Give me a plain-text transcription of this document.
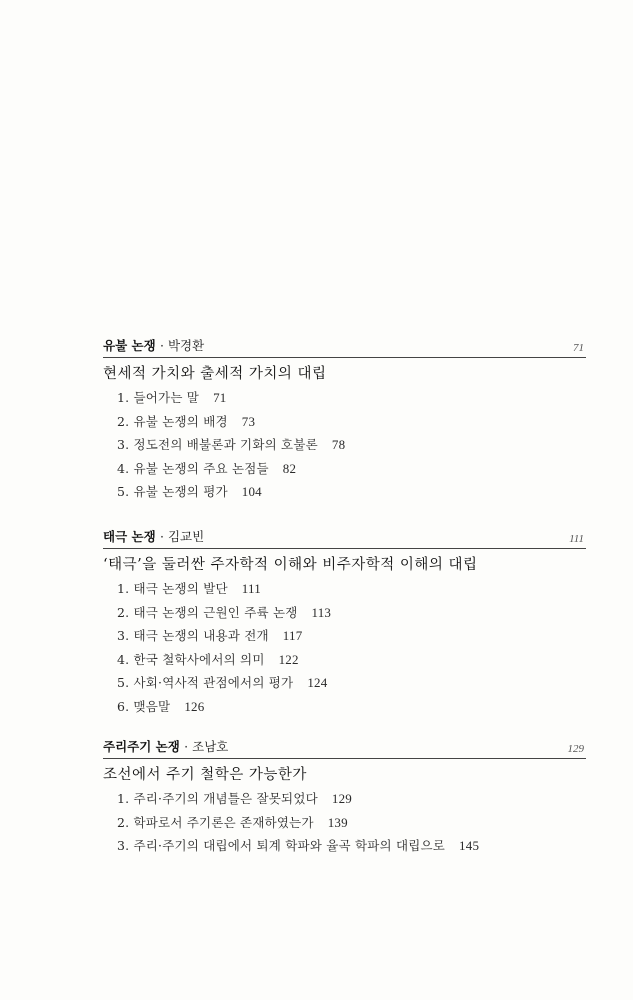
유불 논쟁 · 박경환	71
현세적 가치와 출세적 가치의 대립
1. 들어가는 말 71
2. 유불 논쟁의 배경 73
3. 정도전의 배불론과 기화의 호불론 78
4. 유불 논쟁의 주요 논점들 82
5. 유불 논쟁의 평가 104
태극 논쟁 · 김교빈	111
‘태극’을 둘러싼 주자학적 이해와 비주자학적 이해의 대립
1. 태극 논쟁의 발단 111
2. 태극 논쟁의 근원인 주륙 논쟁 113
3. 태극 논쟁의 내용과 전개 117
4. 한국 철학사에서의 의미 122
5. 사회·역사적 관점에서의 평가 124
6. 맺음말 126
주리주기 논쟁 · 조남호	129
조선에서 주기 철학은 가능한가
1. 주리·주기의 개념틀은 잘못되었다 129
2. 학파로서 주기론은 존재하였는가 139
3. 주리·주기의 대립에서 퇴계 학파와 율곡 학파의 대립으로 145
